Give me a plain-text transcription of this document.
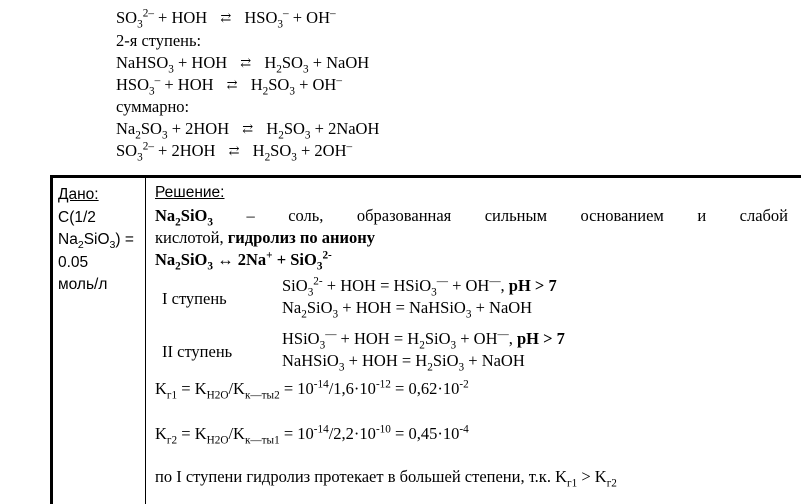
$SO_3^{2-}$ + HOH ⇄ $HSO_3^- + OH^-$
2-я ступень:
NaHSO$_3$ + HOH ⇄ $H_2SO_3$ + NaOH
$HSO_3^-$ + HOH ⇄ $H_2SO_3 + OH^-$
суммарно:
$Na_2SO_3 + 2HOH$ ⇄ $H_2SO_3$ + 2NaOH
$SO_3^{2-} + 2HOH$ ⇄ $H_2SO_3 + 2OH^-$
Дано:
C(1/2
$Na_2SiO_3$) =
0.05
моль/л
Решение:
$Na_2SiO_3$ – соль, образованная сильным основанием и слабой
кислотой, гидролиз по аниону
$Na_2SiO_3$ ↔ 2Na+ + SiO$_3^{2-}$
I ступень
SiO$_3^{2-}$ + HOH = HSiO$_3$— + OH—, pH > 7
$Na_2SiO_3$ + HOH = NaHSiO$_3$ + NaOH
II ступень
HSiO$_3$— + HOH = $H_2SiO_3 + OH^—$, pH > 7
NaHSiO$_3$ + HOH = $H_2SiO_3$ + NaOH
$K_{г1} = K_{H2O}/K_{к—ты2} = 10^{-14}/1,6\cdot 10^{-12} = 0,62\cdot 10^{-2}$
$K_{г2} = K_{H2O}/K_{к—ты1} = 10^{-14}/2,2\cdot 10^{-10} = 0,45\cdot 10^{-4}$
по I ступени гидролиз протекает в большей степени, т.к. $K_{г1} > K_{г2}$
